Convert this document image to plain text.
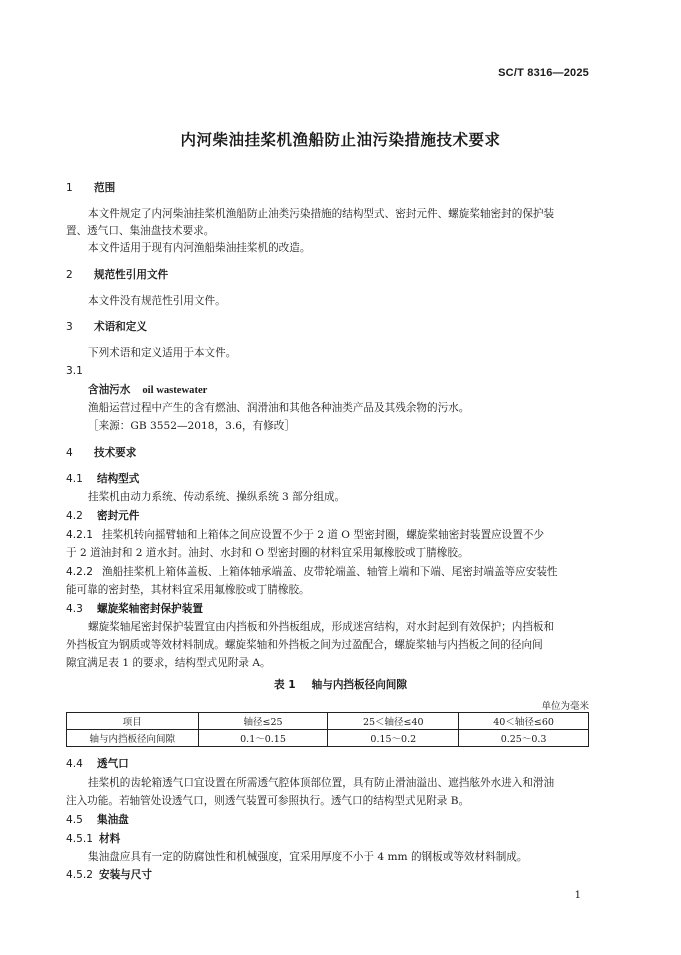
SC/T 8316—2025
内河柴油挂桨机渔船防止油污染措施技术要求
1 范围
本文件规定了内河柴油挂桨机渔船防止油类污染措施的结构型式、密封元件、螺旋桨轴密封的保护装
置、透气口、集油盘技术要求。
本文件适用于现有内河渔船柴油挂桨机的改造。
2 规范性引用文件
本文件没有规范性引用文件。
3 术语和定义
下列术语和定义适用于本文件。
3.1
含油污水 oil wastewater
渔船运营过程中产生的含有燃油、润滑油和其他各种油类产品及其残余物的污水。
［来源：GB 3552—2018，3.6，有修改］
4 技术要求
4.1 结构型式
挂桨机由动力系统、传动系统、操纵系统 3 部分组成。
4.2 密封元件
4.2.1 挂桨机转向摇臂轴和上箱体之间应设置不少于 2 道 O 型密封圈，螺旋桨轴密封装置应设置不少
于 2 道油封和 2 道水封。油封、水封和 O 型密封圈的材料宜采用氟橡胶或丁腈橡胶。
4.2.2 渔船挂桨机上箱体盖板、上箱体轴承端盖、皮带轮端盖、轴管上端和下端、尾密封端盖等应安装性
能可靠的密封垫，其材料宜采用氟橡胶或丁腈橡胶。
4.3 螺旋桨轴密封保护装置
螺旋桨轴尾密封保护装置宜由内挡板和外挡板组成，形成迷宫结构，对水封起到有效保护；内挡板和
外挡板宜为钢质或等效材料制成。螺旋桨轴和外挡板之间为过盈配合，螺旋桨轴与内挡板之间的径向间
隙宜满足表 1 的要求，结构型式见附录 A。
表 1 轴与内挡板径向间隙
单位为毫米
项目	轴径≤25	25＜轴径≤40	40＜轴径≤60
轴与内挡板径向间隙	0.1～0.15	0.15～0.2	0.25～0.3
4.4 透气口
挂桨机的齿轮箱透气口宜设置在所需透气腔体顶部位置，具有防止滑油溢出、遮挡舷外水进入和滑油
注入功能。若轴管处设透气口，则透气装置可参照执行。透气口的结构型式见附录 B。
4.5 集油盘
4.5.1 材料
集油盘应具有一定的防腐蚀性和机械强度，宜采用厚度不小于 4 mm 的钢板或等效材料制成。
4.5.2 安装与尺寸
1
